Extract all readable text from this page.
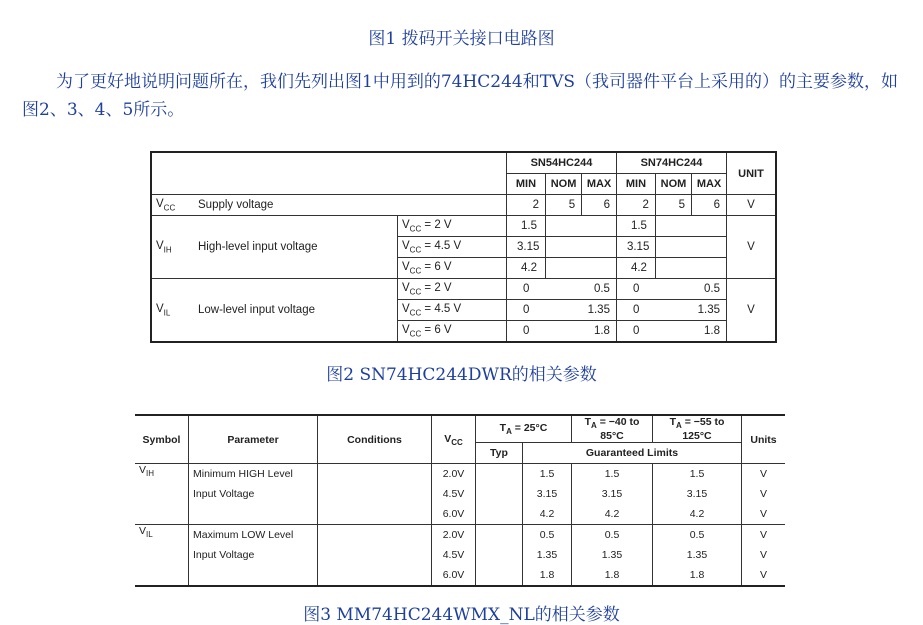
图1 拨码开关接口电路图

为了更好地说明问题所在，我们先列出图1中用到的74HC244和TVS（我司器件平台上采用的）的主要参数，如图2、3、4、5所示。

			SN54HC244			SN74HC244			UNIT
			MIN	NOM	MAX	MIN	NOM	MAX	
$V_{CC}$	Supply voltage		2	5	6	2	5	6	V
$V_{IH}$	High-level input voltage	$V_{CC} = 2$ V	1.5			1.5			V
		$V_{CC} = 4.5$ V	3.15			3.15			
		$V_{CC} = 6$ V	4.2			4.2			
$V_{IL}$	Low-level input voltage	$V_{CC} = 2$ V	0		0.5	0		0.5	V
		$V_{CC} = 4.5$ V	0		1.35	0		1.35	
		$V_{CC} = 6$ V	0		1.8	0		1.8	
图2 SN74HC244DWR的相关参数
Symbol	Parameter	Conditions	$V_{CC}$	$T_A = 25^\circ C$		$T_A = -40$ to 85°C	$T_A = -55$ to 125°C	Units
				Typ	Guaranteed Limits			
$V_{IH}$	Minimum HIGH Level		2.0V		1.5	1.5	1.5	V
	Input Voltage		4.5V		3.15	3.15	3.15	V
			6.0V		4.2	4.2	4.2	V
$V_{IL}$	Maximum LOW Level		2.0V		0.5	0.5	0.5	V
	Input Voltage		4.5V		1.35	1.35	1.35	V
			6.0V		1.8	1.8	1.8	V
图3 MM74HC244WMX_NL的相关参数
